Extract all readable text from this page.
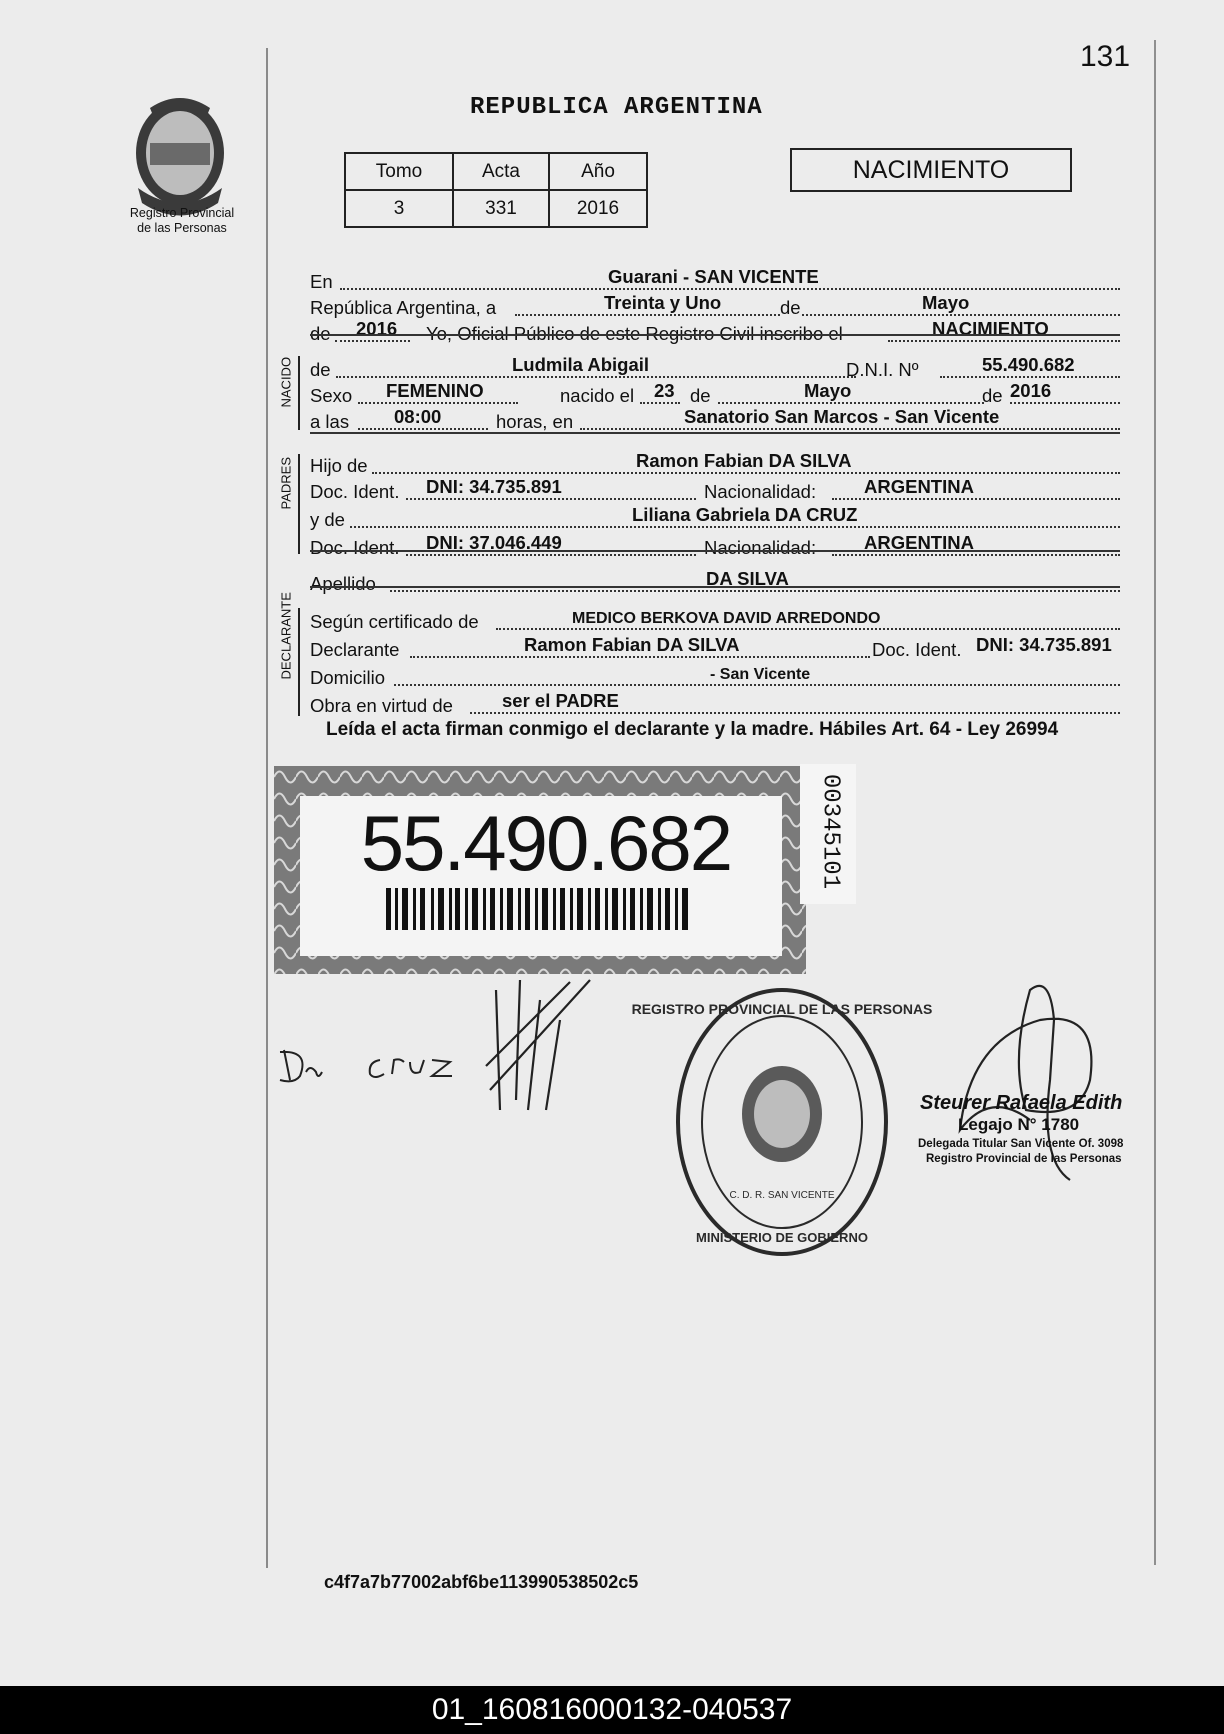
131
Registro Provincial
de las Personas
REPUBLICA ARGENTINA
Tomo	Acta	Año
3	331	2016
NACIMIENTO
En	Guarani - SAN VICENTE
República Argentina, a	Treinta y Uno	de	Mayo
de 2016 Yo, Oficial Público de este Registro Civil inscribo el	NACIMIENTO
NACIDO de	Ludmila Abigail	D.N.I. Nº	55.490.682
Sexo FEMENINO	nacido el 23 de	Mayo	de 2016
a las 08:00	horas, en	Sanatorio San Marcos - San Vicente
PADRES Hijo de	Ramon Fabian DA SILVA
Doc. Ident. DNI: 34.735.891	Nacionalidad:	ARGENTINA
y de	Liliana Gabriela DA CRUZ
Doc. Ident. DNI: 37.046.449	Nacionalidad:	ARGENTINA
Apellido	DA SILVA
Según certificado de	MEDICO BERKOVA DAVID ARREDONDO
Declarante	Ramon Fabian DA SILVA	Doc. Ident. DNI: 34.735.891
Domicilio	- San Vicente
Obra en virtud de	ser el PADRE
Leída el acta firman conmigo el declarante y la madre. Hábiles Art. 64 - Ley 26994
55.490.682	00345101
REGISTRO PROVINCIAL DE LAS PERSONAS
C. D. R. SAN VICENTE
MINISTERIO DE GOBIERNO
Steurer Rafaela Edith
Legajo N° 1780
Delegada Titular San Vicente Of. 3098
Registro Provincial de las Personas
c4f7a7b77002abf6be113990538502c5
01_160816000132-040537
